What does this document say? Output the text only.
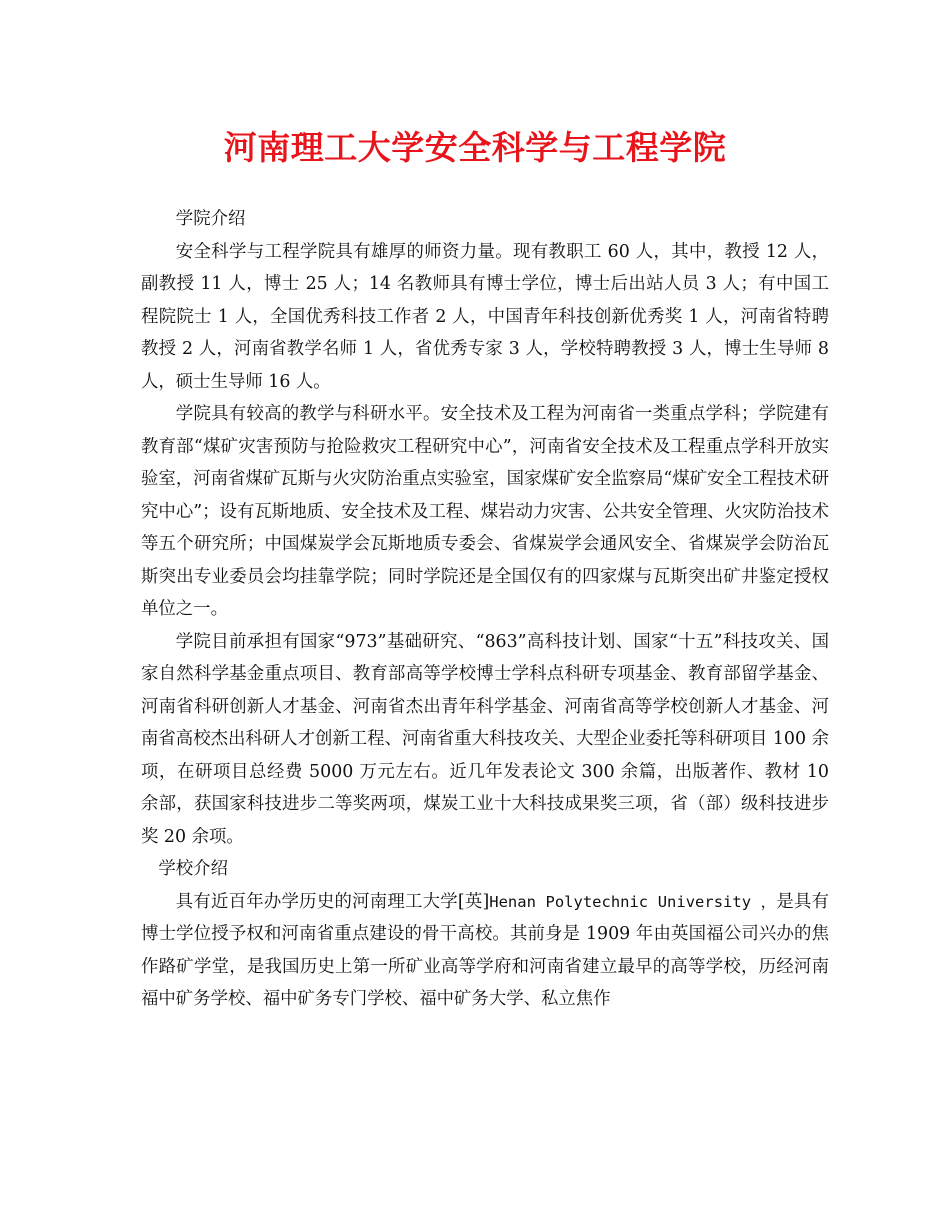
河南理工大学安全科学与工程学院

学院介绍

安全科学与工程学院具有雄厚的师资力量。现有教职工 60 人，其中，教授 12 人，副教授 11 人，博士 25 人；14 名教师具有博士学位，博士后出站人员 3 人；有中国工程院院士 1 人，全国优秀科技工作者 2 人，中国青年科技创新优秀奖 1 人，河南省特聘教授 2 人，河南省教学名师 1 人，省优秀专家 3 人，学校特聘教授 3 人，博士生导师 8 人，硕士生导师 16 人。

学院具有较高的教学与科研水平。安全技术及工程为河南省一类重点学科；学院建有教育部“煤矿灾害预防与抢险救灾工程研究中心”，河南省安全技术及工程重点学科开放实验室，河南省煤矿瓦斯与火灾防治重点实验室，国家煤矿安全监察局“煤矿安全工程技术研究中心”；设有瓦斯地质、安全技术及工程、煤岩动力灾害、公共安全管理、火灾防治技术等五个研究所；中国煤炭学会瓦斯地质专委会、省煤炭学会通风安全、省煤炭学会防治瓦斯突出专业委员会均挂靠学院；同时学院还是全国仅有的四家煤与瓦斯突出矿井鉴定授权单位之一。

学院目前承担有国家“973”基础研究、“863”高科技计划、国家“十五”科技攻关、国家自然科学基金重点项目、教育部高等学校博士学科点科研专项基金、教育部留学基金、河南省科研创新人才基金、河南省杰出青年科学基金、河南省高等学校创新人才基金、河南省高校杰出科研人才创新工程、河南省重大科技攻关、大型企业委托等科研项目 100 余项，在研项目总经费 5000 万元左右。近几年发表论文 300 余篇，出版著作、教材 10 余部，获国家科技进步二等奖两项，煤炭工业十大科技成果奖三项，省（部）级科技进步奖 20 余项。

学校介绍

具有近百年办学历史的河南理工大学[英]Henan Polytechnic University ，是具有博士学位授予权和河南省重点建设的骨干高校。其前身是 1909 年由英国福公司兴办的焦作路矿学堂，是我国历史上第一所矿业高等学府和河南省建立最早的高等学校，历经河南福中矿务学校、福中矿务专门学校、福中矿务大学、私立焦作
